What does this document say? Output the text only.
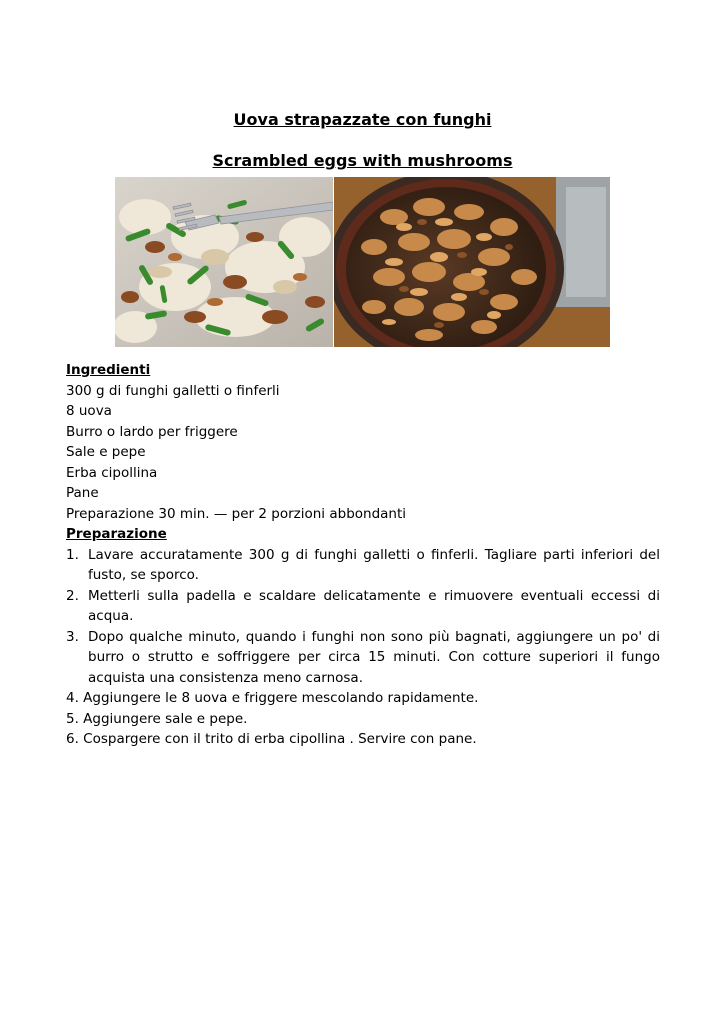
Uova strapazzate con funghi
Scrambled eggs with mushrooms
Ingredienti
300 g di funghi galletti o finferli
8 uova
Burro o lardo per friggere
Sale e pepe
Erba cipollina
Pane
Preparazione 30 min. — per 2 porzioni abbondanti
Preparazione
1. Lavare accuratamente 300 g di funghi galletti o finferli. Tagliare parti inferiori del fusto, se sporco.
2. Metterli sulla padella e scaldare delicatamente e rimuovere eventuali eccessi di acqua.
3. Dopo qualche minuto, quando i funghi non sono più bagnati, aggiungere un po' di burro o strutto e soffriggere per circa 15 minuti. Con cotture superiori il fungo acquista una consistenza meno carnosa.
4. Aggiungere le 8 uova e friggere mescolando rapidamente.
5. Aggiungere sale e pepe.
6. Cospargere con il trito di erba cipollina . Servire con pane.
